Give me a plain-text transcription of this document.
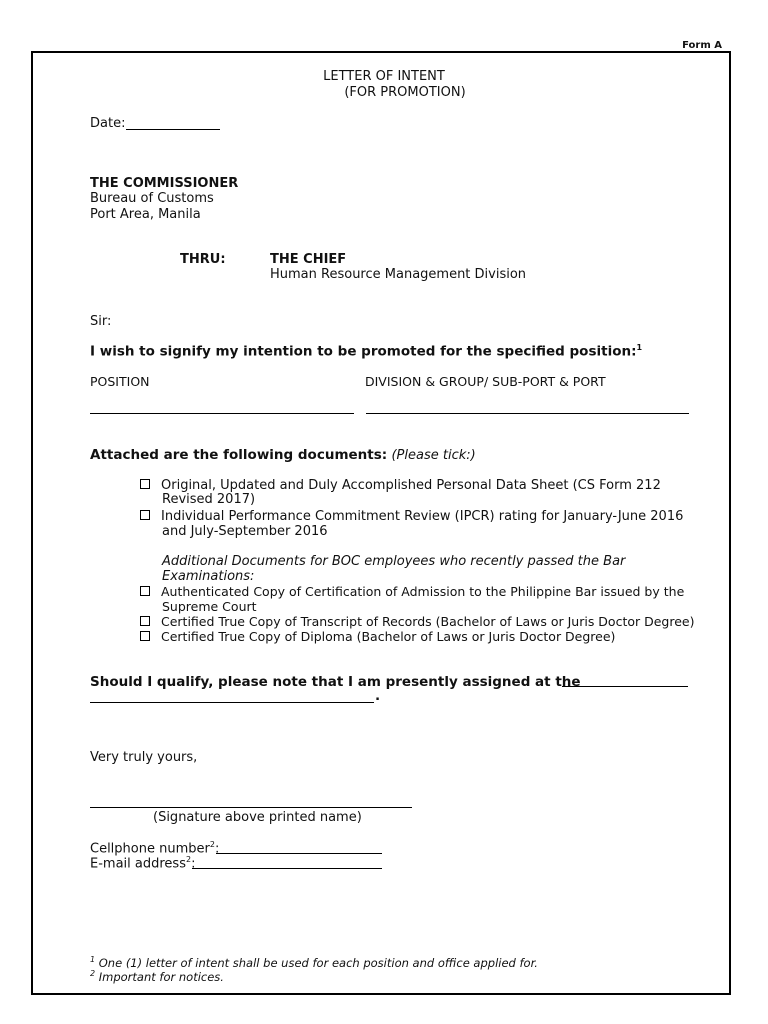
Form A
LETTER OF INTENT
(FOR PROMOTION)
Date:
THE COMMISSIONER
Bureau of Customs
Port Area, Manila
THRU:	THE CHIEF
Human Resource Management Division
Sir:
I wish to signify my intention to be promoted for the specified position:$^1$
POSITION	DIVISION & GROUP/ SUB-PORT & PORT
Attached are the following documents: (Please tick:)
Original, Updated and Duly Accomplished Personal Data Sheet (CS Form 212
Revised 2017)
Individual Performance Commitment Review (IPCR) rating for January-June 2016
and July-September 2016
Additional Documents for BOC employees who recently passed the Bar
Examinations:
Authenticated Copy of Certification of Admission to the Philippine Bar issued by the
Supreme Court
Certified True Copy of Transcript of Records (Bachelor of Laws or Juris Doctor Degree)
Certified True Copy of Diploma (Bachelor of Laws or Juris Doctor Degree)
Should I qualify, please note that I am presently assigned at the
.
Very truly yours,
(Signature above printed name)
Cellphone number$^2$:
E-mail address$^2$:
$^1$ One (1) letter of intent shall be used for each position and office applied for.
$^2$ Important for notices.
